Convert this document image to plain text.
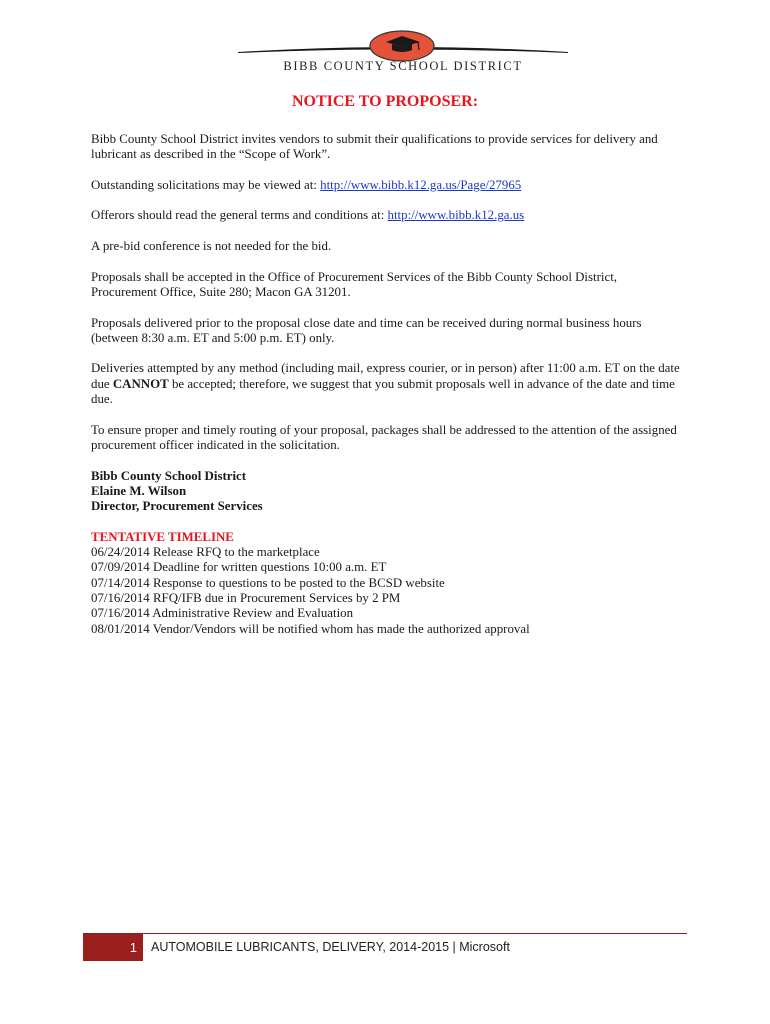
BIBB COUNTY SCHOOL DISTRICT
NOTICE TO PROPOSER:

Bibb County School District invites vendors to submit their qualifications to provide services for delivery and lubricant as described in the “Scope of Work”.

Outstanding solicitations may be viewed at: http://www.bibb.k12.ga.us/Page/27965

Offerors should read the general terms and conditions at: http://www.bibb.k12.ga.us

A pre-bid conference is not needed for the bid.

Proposals shall be accepted in the Office of Procurement Services of the Bibb County School District, Procurement Office, Suite 280; Macon GA 31201.

Proposals delivered prior to the proposal close date and time can be received during normal business hours (between 8:30 a.m. ET and 5:00 p.m. ET) only.

Deliveries attempted by any method (including mail, express courier, or in person) after 11:00 a.m. ET on the date due CANNOT be accepted; therefore, we suggest that you submit proposals well in advance of the date and time due.

To ensure proper and timely routing of your proposal, packages shall be addressed to the attention of the assigned procurement officer indicated in the solicitation.

Bibb County School District
Elaine M. Wilson
Director, Procurement Services
TENTATIVE TIMELINE
06/24/2014 Release RFQ to the marketplace
07/09/2014 Deadline for written questions 10:00 a.m. ET
07/14/2014 Response to questions to be posted to the BCSD website
07/16/2014 RFQ/IFB due in Procurement Services by 2 PM
07/16/2014 Administrative Review and Evaluation
08/01/2014 Vendor/Vendors will be notified whom has made the authorized approval
1	AUTOMOBILE LUBRICANTS, DELIVERY, 2014-2015 | Microsoft
